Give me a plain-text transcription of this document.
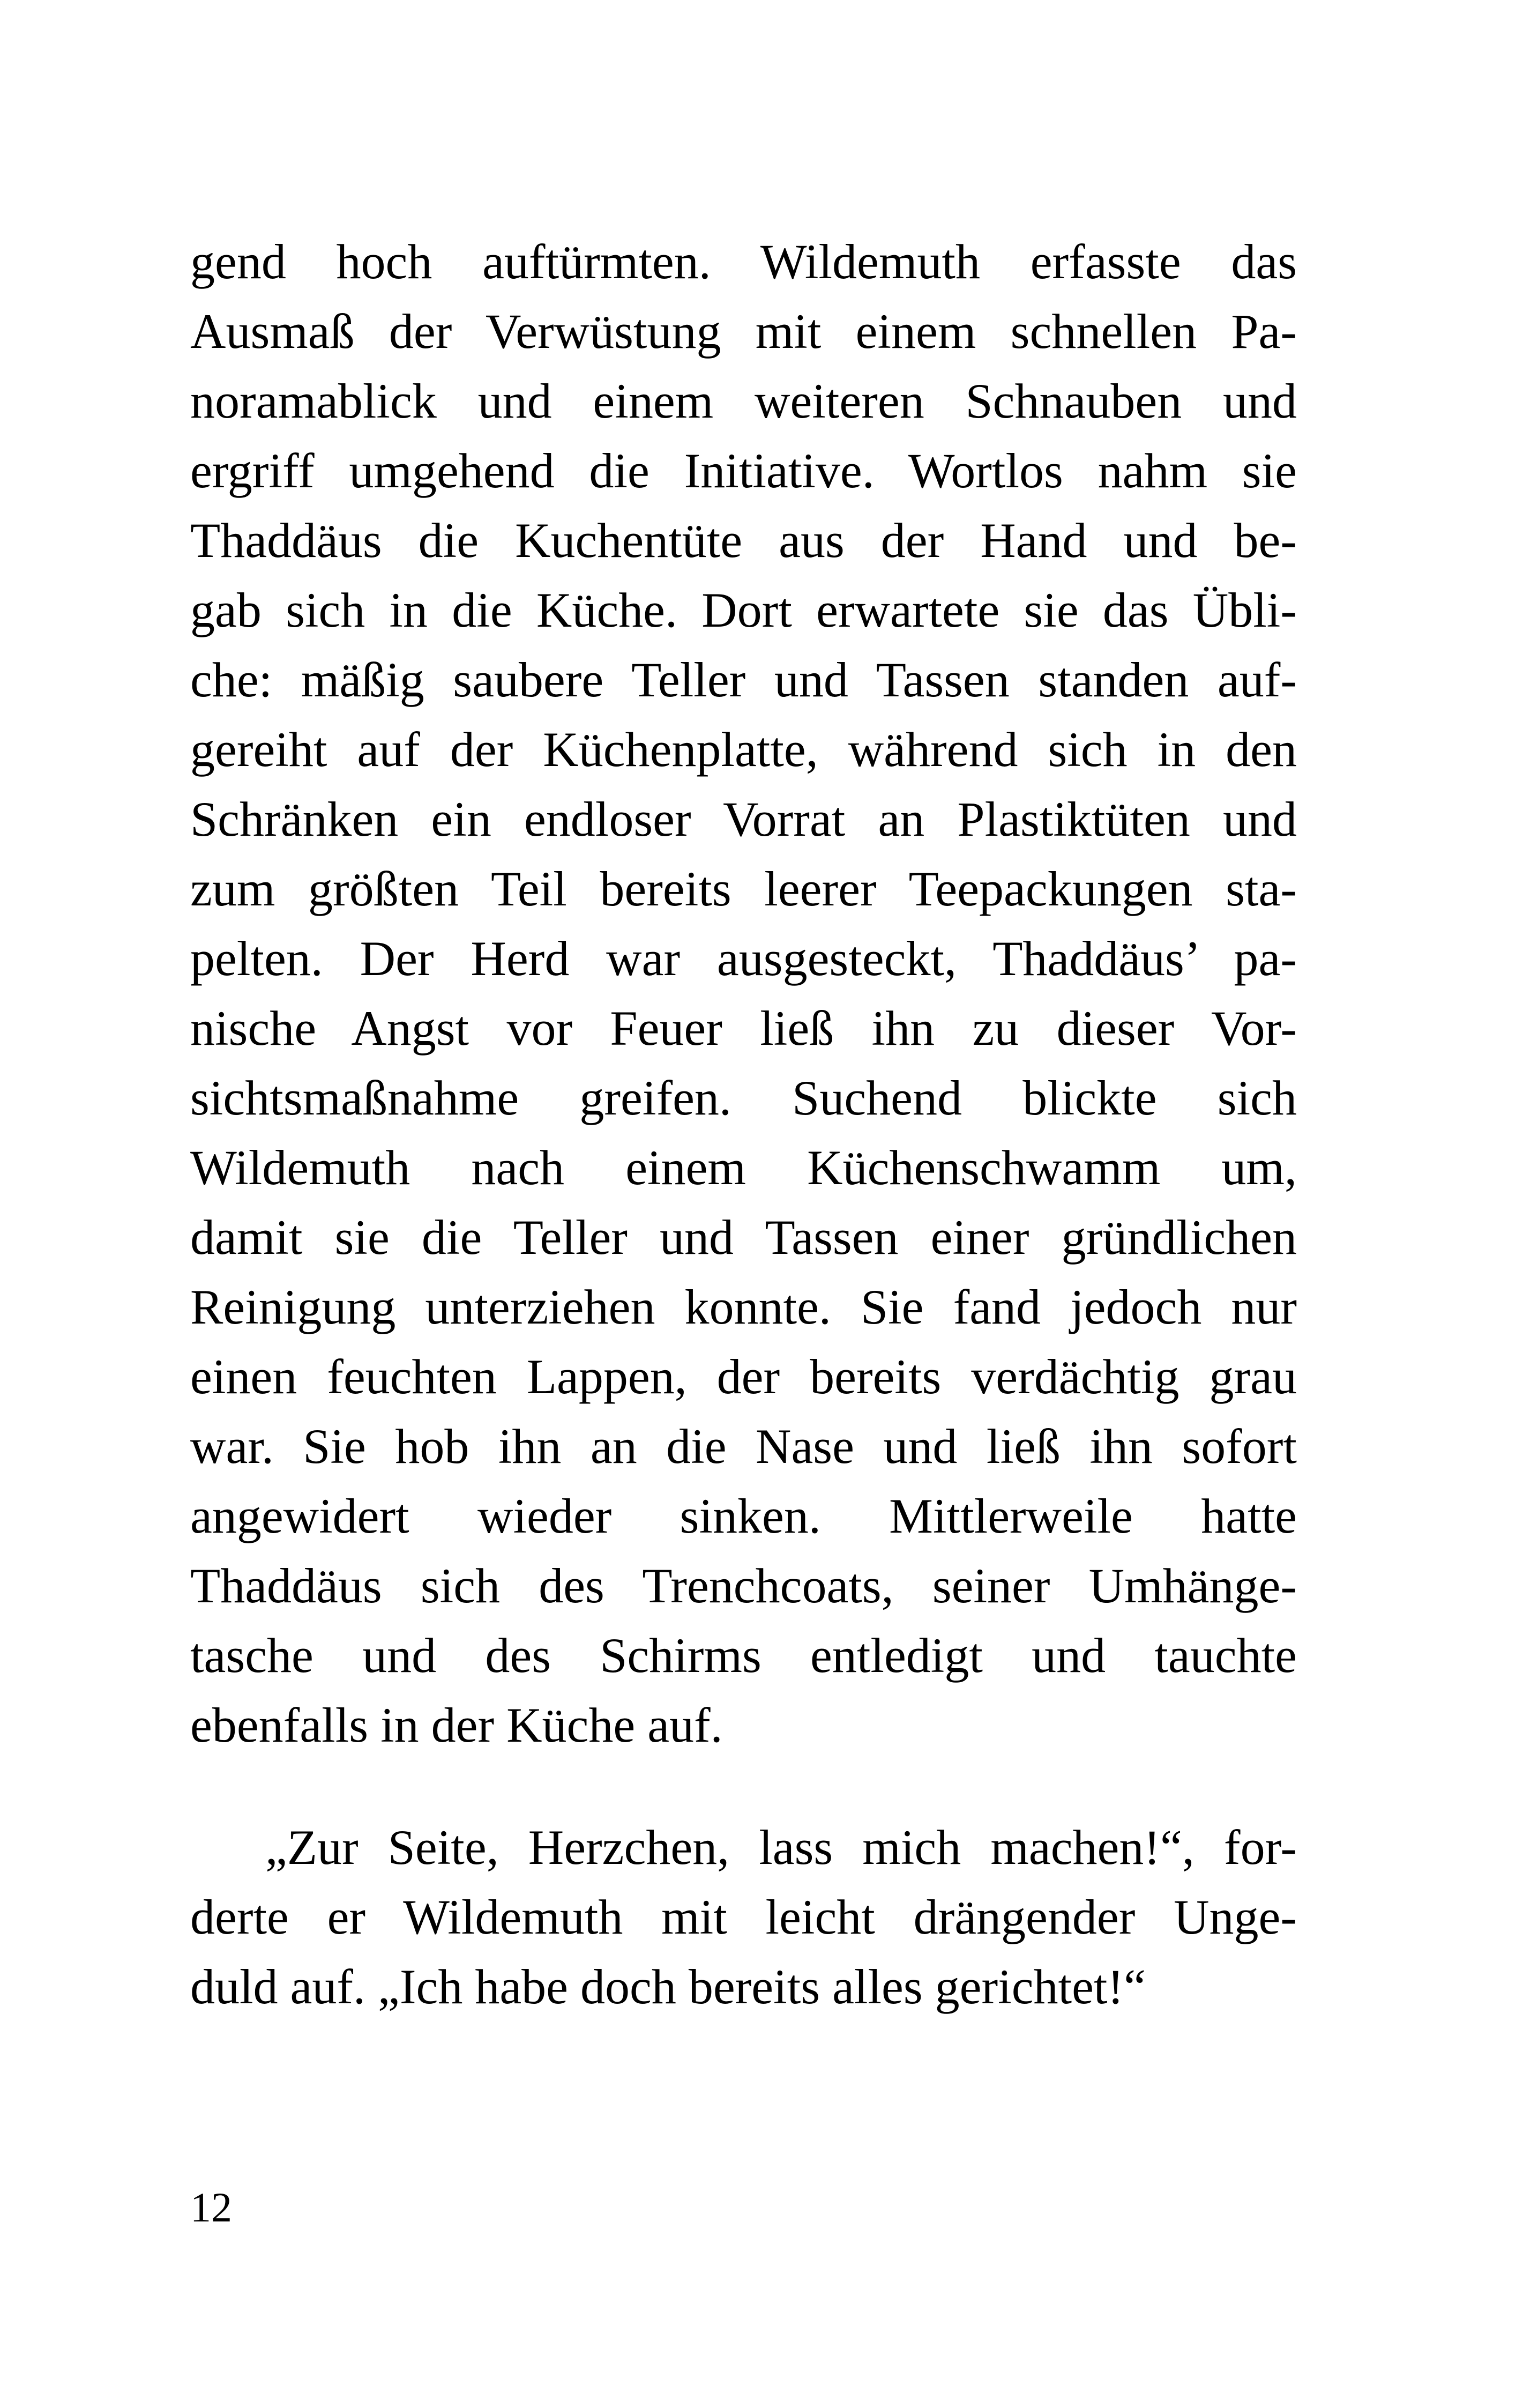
gend hoch auftürmten. Wildemuth erfasste das
Ausmaß der Verwüstung mit einem schnellen Pa-
noramablick und einem weiteren Schnauben und
ergriff umgehend die Initiative. Wortlos nahm sie
Thaddäus die Kuchentüte aus der Hand und be-
gab sich in die Küche. Dort erwartete sie das Übli-
che: mäßig saubere Teller und Tassen standen auf-
gereiht auf der Küchenplatte, während sich in den
Schränken ein endloser Vorrat an Plastiktüten und
zum größten Teil bereits leerer Teepackungen sta-
pelten. Der Herd war ausgesteckt, Thaddäus’ pa-
nische Angst vor Feuer ließ ihn zu dieser Vor-
sichtsmaßnahme greifen. Suchend blickte sich
Wildemuth nach einem Küchenschwamm um,
damit sie die Teller und Tassen einer gründlichen
Reinigung unterziehen konnte. Sie fand jedoch nur
einen feuchten Lappen, der bereits verdächtig grau
war. Sie hob ihn an die Nase und ließ ihn sofort
angewidert wieder sinken. Mittlerweile hatte
Thaddäus sich des Trenchcoats, seiner Umhänge-
tasche und des Schirms entledigt und tauchte
ebenfalls in der Küche auf.
„Zur Seite, Herzchen, lass mich machen!“, for-
derte er Wildemuth mit leicht drängender Unge-
duld auf. „Ich habe doch bereits alles gerichtet!“
12
